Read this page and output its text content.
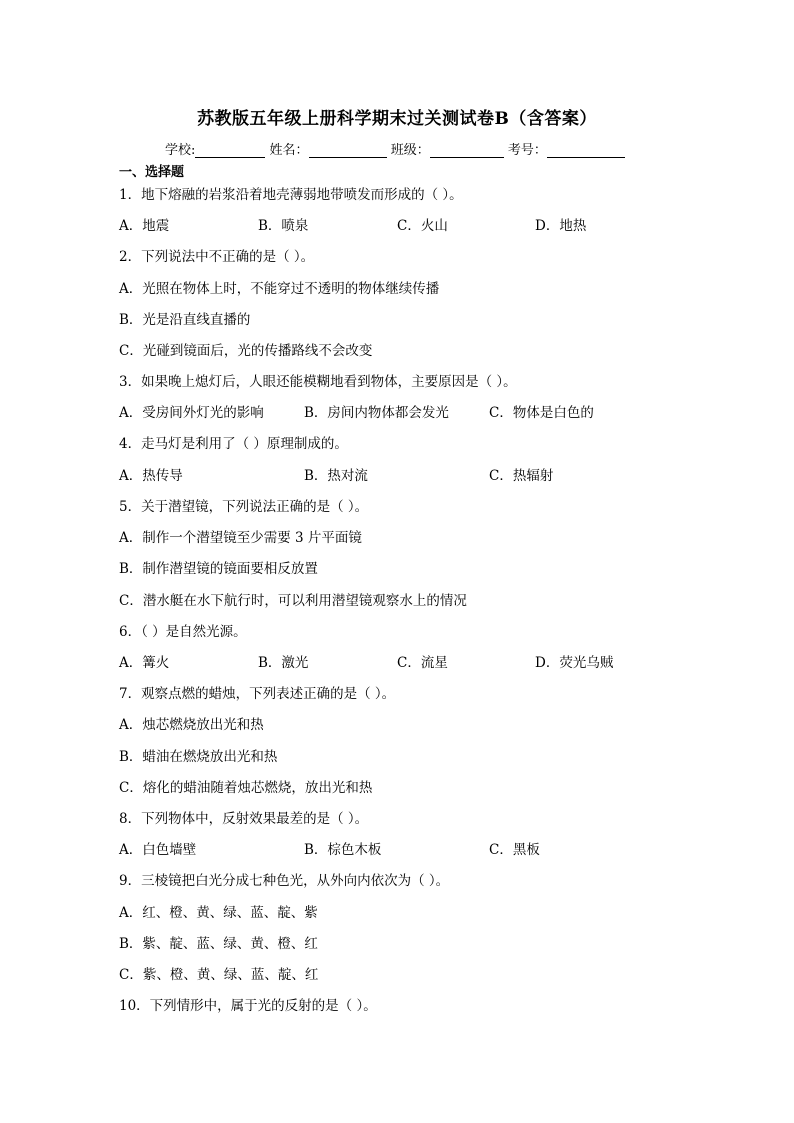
苏教版五年级上册科学期末过关测试卷B（含答案）
学校:	姓名：	班级：	考号：
一、选择题
1．地下熔融的岩浆沿着地壳薄弱地带喷发而形成的（ ）。
A．地震	B．喷泉	C．火山	D．地热
2．下列说法中不正确的是（ ）。
A．光照在物体上时，不能穿过不透明的物体继续传播
B．光是沿直线直播的
C．光碰到镜面后，光的传播路线不会改变
3．如果晚上熄灯后，人眼还能模糊地看到物体，主要原因是（ ）。
A．受房间外灯光的影响	B．房间内物体都会发光	C．物体是白色的
4．走马灯是利用了（ ）原理制成的。
A．热传导	B．热对流	C．热辐射
5．关于潜望镜，下列说法正确的是（ ）。
A．制作一个潜望镜至少需要 3 片平面镜
B．制作潜望镜的镜面要相反放置
C．潜水艇在水下航行时，可以利用潜望镜观察水上的情况
6．（ ）是自然光源。
A．篝火	B．激光	C．流星	D．荧光乌贼
7．观察点燃的蜡烛，下列表述正确的是（ ）。
A．烛芯燃烧放出光和热
B．蜡油在燃烧放出光和热
C．熔化的蜡油随着烛芯燃烧，放出光和热
8．下列物体中，反射效果最差的是（ ）。
A．白色墙壁	B．棕色木板	C．黑板
9．三棱镜把白光分成七种色光，从外向内依次为（ ）。
A．红、橙、黄、绿、蓝、靛、紫
B．紫、靛、蓝、绿、黄、橙、红
C．紫、橙、黄、绿、蓝、靛、红
10．下列情形中，属于光的反射的是（ ）。
